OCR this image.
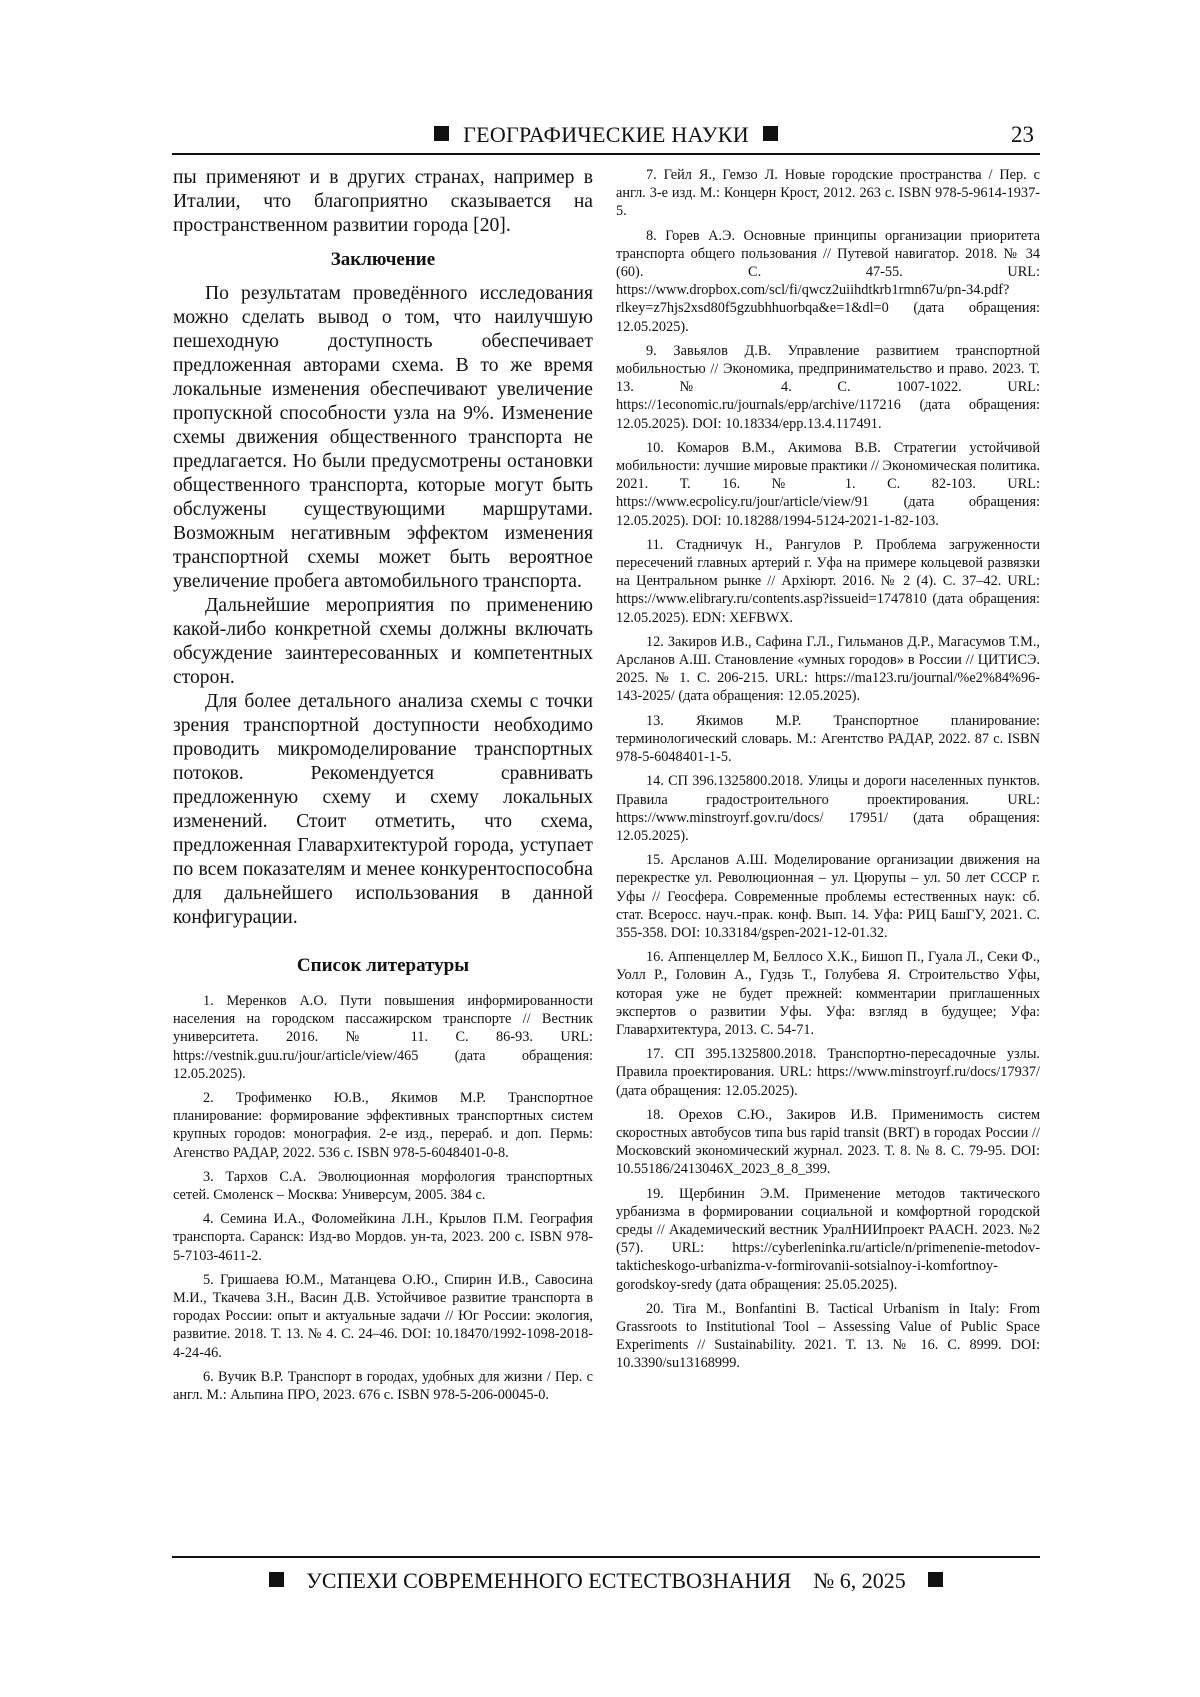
ГЕОГРАФИЧЕСКИЕ НАУКИ	23

пы применяют и в других странах, например в Италии, что благоприятно сказывается на пространственном развитии города [20].

Заключение

По результатам проведённого исследования можно сделать вывод о том, что наилучшую пешеходную доступность обеспечивает предложенная авторами схема. В то же время локальные изменения обеспечивают увеличение пропускной способности узла на 9%. Изменение схемы движения общественного транспорта не предлагается. Но были предусмотрены остановки общественного транспорта, которые могут быть обслужены существующими маршрутами. Возможным негативным эффектом изменения транспортной схемы может быть вероятное увеличение пробега автомобильного транспорта.

Дальнейшие мероприятия по применению какой-либо конкретной схемы должны включать обсуждение заинтересованных и компетентных сторон.

Для более детального анализа схемы с точки зрения транспортной доступности необходимо проводить микромоделирование транспортных потоков. Рекомендуется сравнивать предложенную схему и схему локальных изменений. Стоит отметить, что схема, предложенная Главархитектурой города, уступает по всем показателям и менее конкурентоспособна для дальнейшего использования в данной конфигурации.

Список литературы

1. Меренков А.О. Пути повышения информированности населения на городском пассажирском транспорте // Вестник университета. 2016. № 11. С. 86-93. URL: https://vestnik.guu.ru/jour/article/view/465 (дата обращения: 12.05.2025).

2. Трофименко Ю.В., Якимов М.Р. Транспортное планирование: формирование эффективных транспортных систем крупных городов: монография. 2-е изд., перераб. и доп. Пермь: Агенство РАДАР, 2022. 536 с. ISBN 978-5-6048401-0-8.

3. Тархов С.А. Эволюционная морфология транспортных сетей. Смоленск – Москва: Универсум, 2005. 384 с.

4. Семина И.А., Фоломейкина Л.Н., Крылов П.М. География транспорта. Саранск: Изд-во Мордов. ун-та, 2023. 200 с. ISBN 978-5-7103-4611-2.

5. Гришаева Ю.М., Матанцева О.Ю., Спирин И.В., Савосина М.И., Ткачева З.Н., Васин Д.В. Устойчивое развитие транспорта в городах России: опыт и актуальные задачи // Юг России: экология, развитие. 2018. Т. 13. № 4. С. 24–46. DOI: 10.18470/1992-1098-2018-4-24-46.

6. Вучик В.Р. Транспорт в городах, удобных для жизни / Пер. с англ. М.: Альпина ПРО, 2023. 676 с. ISBN 978-5-206-00045-0.

7. Гейл Я., Гемзо Л. Новые городские пространства / Пер. с англ. 3-е изд. М.: Концерн Крост, 2012. 263 с. ISBN 978-5-9614-1937-5.

8. Горев А.Э. Основные принципы организации приоритета транспорта общего пользования // Путевой навигатор. 2018. № 34 (60). С. 47-55. URL: https://www.dropbox.com/scl/fi/qwcz2uiihdtkrb1rmn67u/pn-34.pdf?rlkey=z7hjs2xsd80f5gzubhhuorbqa&e=1&dl=0 (дата обращения: 12.05.2025).

9. Завьялов Д.В. Управление развитием транспортной мобильностью // Экономика, предпринимательство и право. 2023. Т. 13. № 4. С. 1007-1022. URL: https://1economic.ru/journals/epp/archive/117216 (дата обращения: 12.05.2025). DOI: 10.18334/epp.13.4.117491.

10. Комаров В.М., Акимова В.В. Стратегии устойчивой мобильности: лучшие мировые практики // Экономическая политика. 2021. Т. 16. № 1. С. 82-103. URL: https://www.ecpolicy.ru/jour/article/view/91 (дата обращения: 12.05.2025). DOI: 10.18288/1994-5124-2021-1-82-103.

11. Стадничук Н., Рангулов Р. Проблема загруженности пересечений главных артерий г. Уфа на примере кольцевой развязки на Центральном рынке // Архіюрт. 2016. № 2 (4). С. 37–42. URL: https://www.elibrary.ru/contents.asp?issueid=1747810 (дата обращения: 12.05.2025). EDN: XEFBWX.

12. Закиров И.В., Сафина Г.Л., Гильманов Д.Р., Магасумов Т.М., Арсланов А.Ш. Становление «умных городов» в России // ЦИТИСЭ. 2025. № 1. С. 206-215. URL: https://ma123.ru/journal/%e2%84%96-143-2025/ (дата обращения: 12.05.2025).

13. Якимов М.Р. Транспортное планирование: терминологический словарь. М.: Агентство РАДАР, 2022. 87 с. ISBN 978-5-6048401-1-5.

14. СП 396.1325800.2018. Улицы и дороги населенных пунктов. Правила градостроительного проектирования. URL: https://www.minstroyrf.gov.ru/docs/ 17951/ (дата обращения: 12.05.2025).

15. Арсланов А.Ш. Моделирование организации движения на перекрестке ул. Революционная – ул. Цюрупы – ул. 50 лет СССР г. Уфы // Геосфера. Современные проблемы естественных наук: сб. стат. Всеросс. науч.-прак. конф. Вып. 14. Уфа: РИЦ БашГУ, 2021. С. 355-358. DOI: 10.33184/gspen-2021-12-01.32.

16. Аппенцеллер М, Беллосо Х.К., Бишоп П., Гуала Л., Секи Ф., Уолл Р., Головин А., Гудзь Т., Голубева Я. Строительство Уфы, которая уже не будет прежней: комментарии приглашенных экспертов о развитии Уфы. Уфа: взгляд в будущее; Уфа: Главархитектура, 2013. С. 54-71.

17. СП 395.1325800.2018. Транспортно-пересадочные узлы. Правила проектирования. URL: https://www.minstroyrf.ru/docs/17937/ (дата обращения: 12.05.2025).

18. Орехов С.Ю., Закиров И.В. Применимость систем скоростных автобусов типа bus rapid transit (BRT) в городах России // Московский экономический журнал. 2023. Т. 8. № 8. С. 79-95. DOI: 10.55186/2413046X_2023_8_8_399.

19. Щербинин Э.М. Применение методов тактического урбанизма в формировании социальной и комфортной городской среды // Академический вестник УралНИИпроект РААСН. 2023. №2 (57). URL: https://cyberleninka.ru/article/n/primenenie-metodov-takticheskogo-urbanizma-v-formirovanii-sotsialnoy-i-komfortnoy-gorodskoy-sredy (дата обращения: 25.05.2025).

20. Tira M., Bonfantini B. Tactical Urbanism in Italy: From Grassroots to Institutional Tool – Assessing Value of Public Space Experiments // Sustainability. 2021. Т. 13. № 16. С. 8999. DOI: 10.3390/su13168999.

УСПЕХИ СОВРЕМЕННОГО ЕСТЕСТВОЗНАНИЯ № 6, 2025
